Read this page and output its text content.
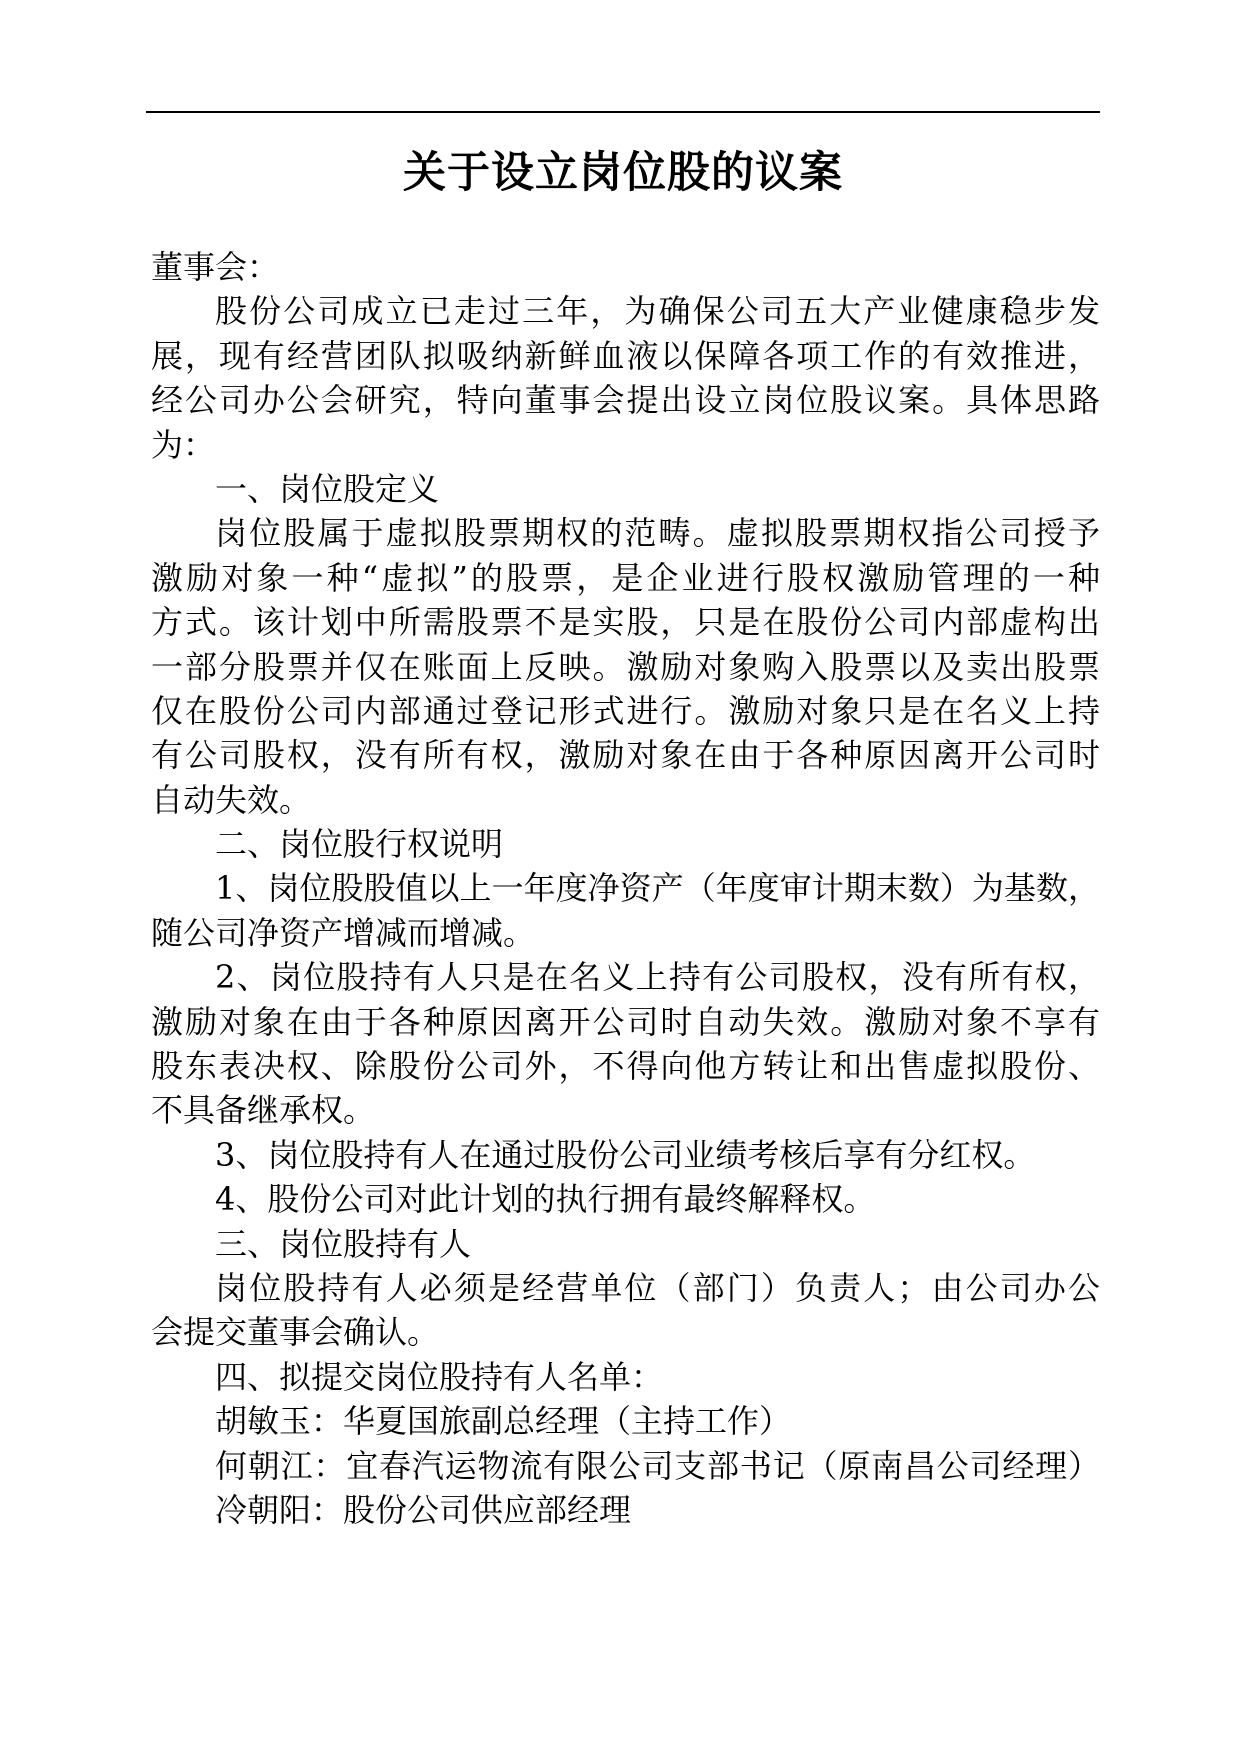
关于设立岗位股的议案
董事会：
股份公司成立已走过三年，为确保公司五大产业健康稳步发
展，现有经营团队拟吸纳新鲜血液以保障各项工作的有效推进，
经公司办公会研究，特向董事会提出设立岗位股议案。具体思路
为：
一、岗位股定义
岗位股属于虚拟股票期权的范畴。虚拟股票期权指公司授予
激励对象一种“虚拟”的股票，是企业进行股权激励管理的一种
方式。该计划中所需股票不是实股，只是在股份公司内部虚构出
一部分股票并仅在账面上反映。激励对象购入股票以及卖出股票
仅在股份公司内部通过登记形式进行。激励对象只是在名义上持
有公司股权，没有所有权，激励对象在由于各种原因离开公司时
自动失效。
二、岗位股行权说明
1、岗位股股值以上一年度净资产（年度审计期末数）为基数，
随公司净资产增减而增减。
2、岗位股持有人只是在名义上持有公司股权，没有所有权，
激励对象在由于各种原因离开公司时自动失效。激励对象不享有
股东表决权、除股份公司外，不得向他方转让和出售虚拟股份、
不具备继承权。
3、岗位股持有人在通过股份公司业绩考核后享有分红权。
4、股份公司对此计划的执行拥有最终解释权。
三、岗位股持有人
岗位股持有人必须是经营单位（部门）负责人；由公司办公
会提交董事会确认。
四、拟提交岗位股持有人名单：
胡敏玉：华夏国旅副总经理（主持工作）
何朝江：宜春汽运物流有限公司支部书记（原南昌公司经理）
冷朝阳：股份公司供应部经理
